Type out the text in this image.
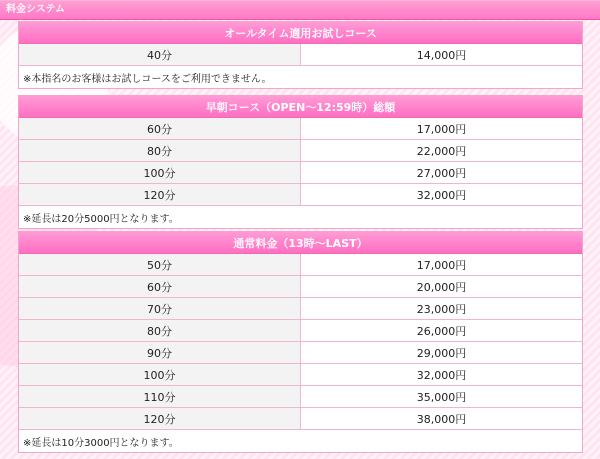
料金システム
オールタイム適用お試しコース
40分	14,000円
※本指名のお客様はお試しコースをご利用できません。
早朝コース（OPEN～12:59時）総額	
60分	17,000円
80分	22,000円
100分	27,000円
120分	32,000円
※延長は20分5000円となります。	
通常料金（13時～LAST）	
50分	17,000円
60分	20,000円
70分	23,000円
80分	26,000円
90分	29,000円
100分	32,000円
110分	35,000円
120分	38,000円
※延長は10分3000円となります。	
